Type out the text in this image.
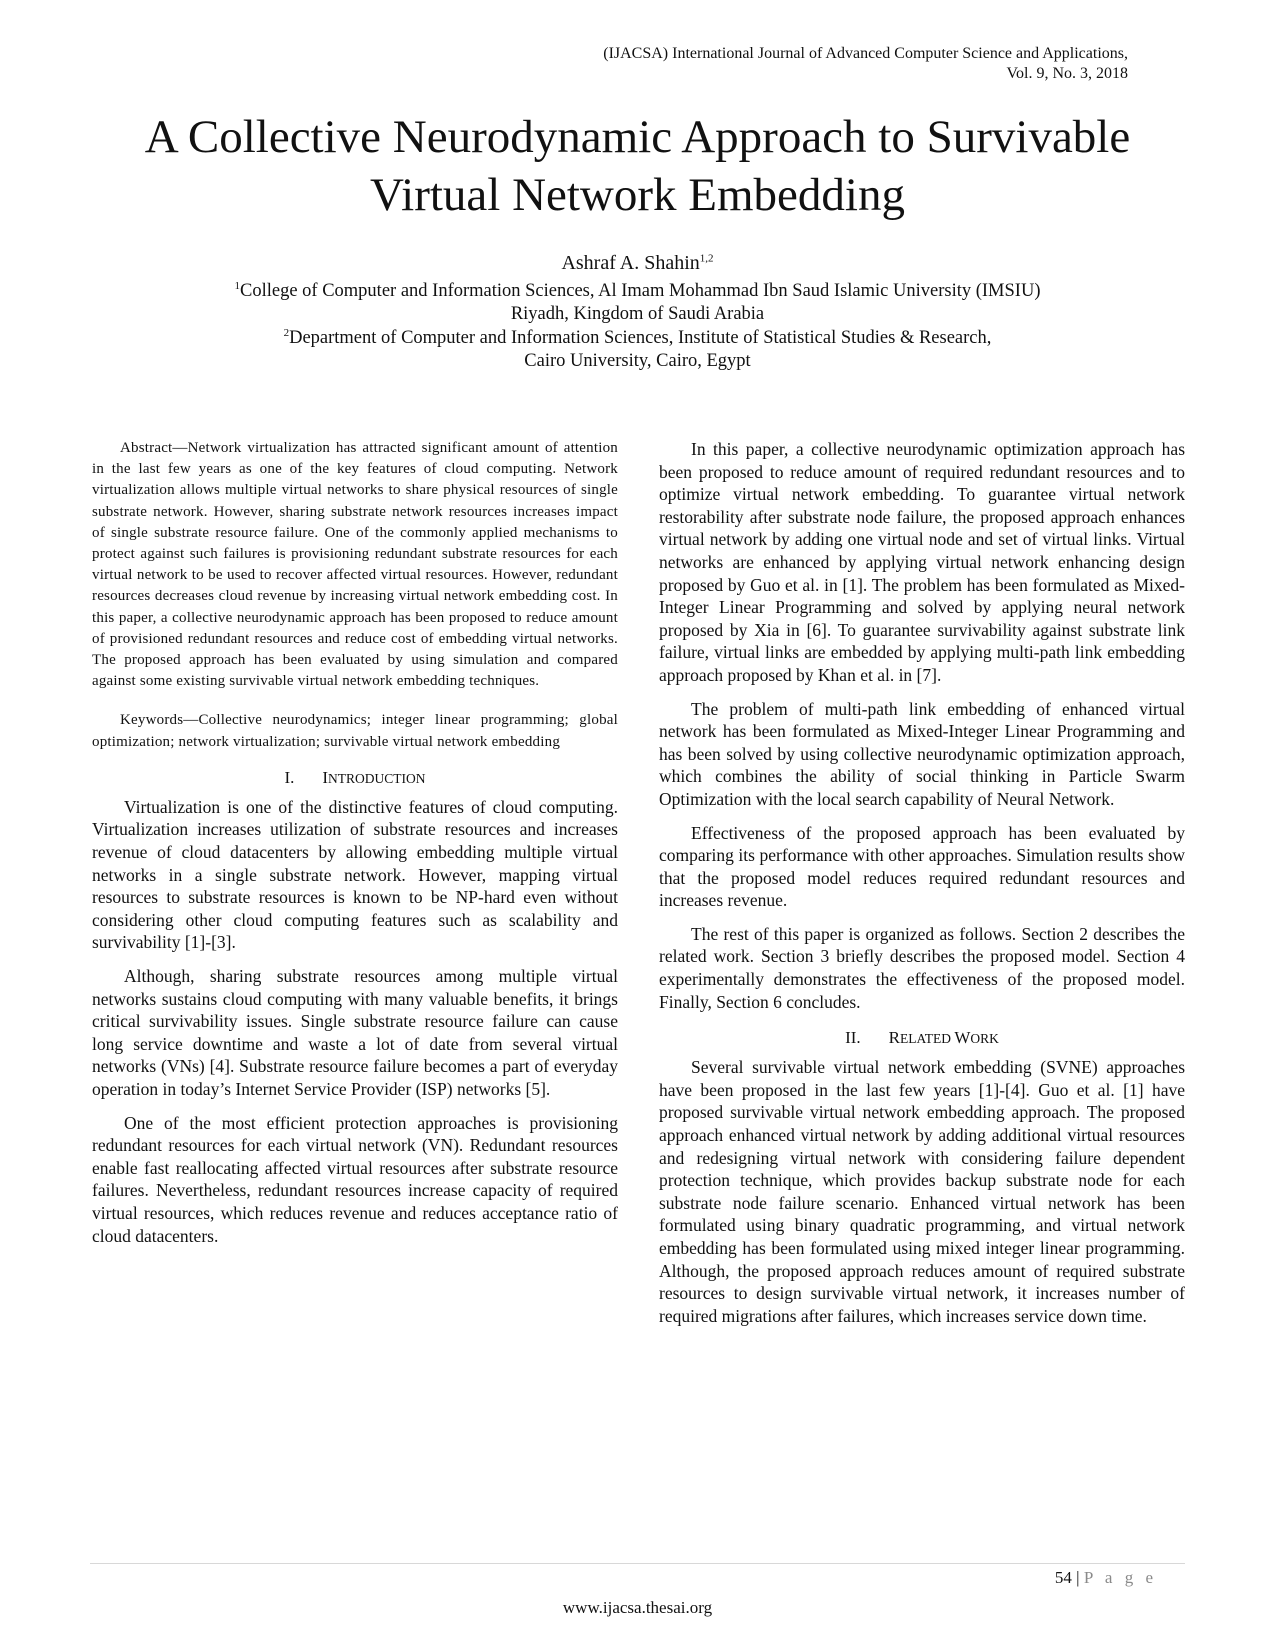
(IJACSA) International Journal of Advanced Computer Science and Applications,
Vol. 9, No. 3, 2018
A Collective Neurodynamic Approach to Survivable
Virtual Network Embedding
Ashraf A. Shahin$^{1,2}$
$^1$College of Computer and Information Sciences, Al Imam Mohammad Ibn Saud Islamic University (IMSIU)
Riyadh, Kingdom of Saudi Arabia
$^2$Department of Computer and Information Sciences, Institute of Statistical Studies & Research,
Cairo University, Cairo, Egypt

Abstract—Network virtualization has attracted significant amount of attention in the last few years as one of the key features of cloud computing. Network virtualization allows multiple virtual networks to share physical resources of single substrate network. However, sharing substrate network resources increases impact of single substrate resource failure. One of the commonly applied mechanisms to protect against such failures is provisioning redundant substrate resources for each virtual network to be used to recover affected virtual resources. However, redundant resources decreases cloud revenue by increasing virtual network embedding cost. In this paper, a collective neurodynamic approach has been proposed to reduce amount of provisioned redundant resources and reduce cost of embedding virtual networks. The proposed approach has been evaluated by using simulation and compared against some existing survivable virtual network embedding techniques.

Keywords—Collective neurodynamics; integer linear programming; global optimization; network virtualization; survivable virtual network embedding

I. INTRODUCTION

Virtualization is one of the distinctive features of cloud computing. Virtualization increases utilization of substrate resources and increases revenue of cloud datacenters by allowing embedding multiple virtual networks in a single substrate network. However, mapping virtual resources to substrate resources is known to be NP-hard even without considering other cloud computing features such as scalability and survivability [1]-[3].

Although, sharing substrate resources among multiple virtual networks sustains cloud computing with many valuable benefits, it brings critical survivability issues. Single substrate resource failure can cause long service downtime and waste a lot of date from several virtual networks (VNs) [4]. Substrate resource failure becomes a part of everyday operation in today’s Internet Service Provider (ISP) networks [5].

One of the most efficient protection approaches is provisioning redundant resources for each virtual network (VN). Redundant resources enable fast reallocating affected virtual resources after substrate resource failures. Nevertheless, redundant resources increase capacity of required virtual resources, which reduces revenue and reduces acceptance ratio of cloud datacenters.

In this paper, a collective neurodynamic optimization approach has been proposed to reduce amount of required redundant resources and to optimize virtual network embedding. To guarantee virtual network restorability after substrate node failure, the proposed approach enhances virtual network by adding one virtual node and set of virtual links. Virtual networks are enhanced by applying virtual network enhancing design proposed by Guo et al. in [1]. The problem has been formulated as Mixed-Integer Linear Programming and solved by applying neural network proposed by Xia in [6]. To guarantee survivability against substrate link failure, virtual links are embedded by applying multi-path link embedding approach proposed by Khan et al. in [7].

The problem of multi-path link embedding of enhanced virtual network has been formulated as Mixed-Integer Linear Programming and has been solved by using collective neurodynamic optimization approach, which combines the ability of social thinking in Particle Swarm Optimization with the local search capability of Neural Network.

Effectiveness of the proposed approach has been evaluated by comparing its performance with other approaches. Simulation results show that the proposed model reduces required redundant resources and increases revenue.

The rest of this paper is organized as follows. Section 2 describes the related work. Section 3 briefly describes the proposed model. Section 4 experimentally demonstrates the effectiveness of the proposed model. Finally, Section 6 concludes.

II. RELATED WORK

Several survivable virtual network embedding (SVNE) approaches have been proposed in the last few years [1]-[4]. Guo et al. [1] have proposed survivable virtual network embedding approach. The proposed approach enhanced virtual network by adding additional virtual resources and redesigning virtual network with considering failure dependent protection technique, which provides backup substrate node for each substrate node failure scenario. Enhanced virtual network has been formulated using binary quadratic programming, and virtual network embedding has been formulated using mixed integer linear programming. Although, the proposed approach reduces amount of required substrate resources to design survivable virtual network, it increases number of required migrations after failures, which increases service down time.

54 | P a g e
www.ijacsa.thesai.org
